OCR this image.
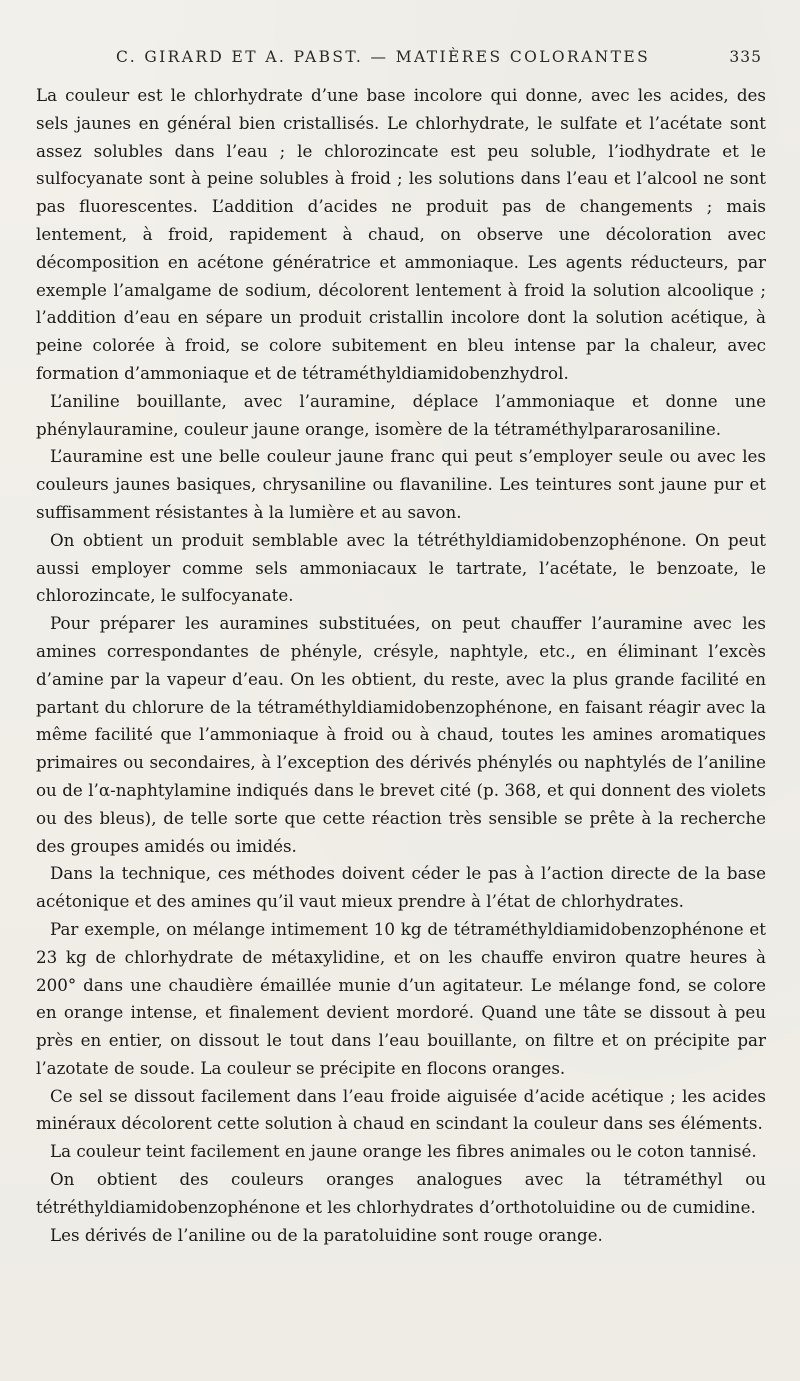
C. GIRARD ET A. PABST. — MATIÈRES COLORANTES	335

La couleur est le chlorhydrate d’une base incolore qui donne, avec les acides, des sels jaunes en général bien cristallisés. Le chlorhydrate, le sulfate et l’acétate sont assez solubles dans l’eau ; le chlorozincate est peu soluble, l’iodhydrate et le sulfocyanate sont à peine solubles à froid ; les solutions dans l’eau et l’alcool ne sont pas fluorescentes. L’addition d’acides ne produit pas de changements ; mais lentement, à froid, rapidement à chaud, on observe une décoloration avec décomposition en acétone génératrice et ammoniaque. Les agents réducteurs, par exemple l’amalgame de sodium, décolorent lentement à froid la solution alcoolique ; l’addition d’eau en sépare un produit cristallin incolore dont la solution acétique, à peine colorée à froid, se colore subitement en bleu intense par la chaleur, avec formation d’ammoniaque et de tétraméthyldiamidobenzhydrol.

L’aniline bouillante, avec l’auramine, déplace l’ammoniaque et donne une phénylauramine, couleur jaune orange, isomère de la tétraméthylpararosaniline.

L’auramine est une belle couleur jaune franc qui peut s’employer seule ou avec les couleurs jaunes basiques, chrysaniline ou flavaniline. Les teintures sont jaune pur et suffisamment résistantes à la lumière et au savon.

On obtient un produit semblable avec la tétréthyldiamidobenzophénone. On peut aussi employer comme sels ammoniacaux le tartrate, l’acétate, le benzoate, le chlorozincate, le sulfocyanate.

Pour préparer les auramines substituées, on peut chauffer l’auramine avec les amines correspondantes de phényle, crésyle, naphtyle, etc., en éliminant l’excès d’amine par la vapeur d’eau. On les obtient, du reste, avec la plus grande facilité en partant du chlorure de la tétraméthyldiamidobenzophénone, en faisant réagir avec la même facilité que l’ammoniaque à froid ou à chaud, toutes les amines aromatiques primaires ou secondaires, à l’exception des dérivés phénylés ou naphtylés de l’aniline ou de l’α-naphtylamine indiqués dans le brevet cité (p. 368, et qui donnent des violets ou des bleus), de telle sorte que cette réaction très sensible se prête à la recherche des groupes amidés ou imidés.

Dans la technique, ces méthodes doivent céder le pas à l’action directe de la base acétonique et des amines qu’il vaut mieux prendre à l’état de chlorhydrates.

Par exemple, on mélange intimement 10 kg de tétraméthyldiamidobenzophénone et 23 kg de chlorhydrate de métaxylidine, et on les chauffe environ quatre heures à 200° dans une chaudière émaillée munie d’un agitateur. Le mélange fond, se colore en orange intense, et finalement devient mordoré. Quand une tâte se dissout à peu près en entier, on dissout le tout dans l’eau bouillante, on filtre et on précipite par l’azotate de soude. La couleur se précipite en flocons oranges.

Ce sel se dissout facilement dans l’eau froide aiguisée d’acide acétique ; les acides minéraux décolorent cette solution à chaud en scindant la couleur dans ses éléments.

La couleur teint facilement en jaune orange les fibres animales ou le coton tannisé.

On obtient des couleurs oranges analogues avec la tétraméthyl ou tétréthyldiamidobenzophénone et les chlorhydrates d’orthotoluidine ou de cumidine.

Les dérivés de l’aniline ou de la paratoluidine sont rouge orange.
